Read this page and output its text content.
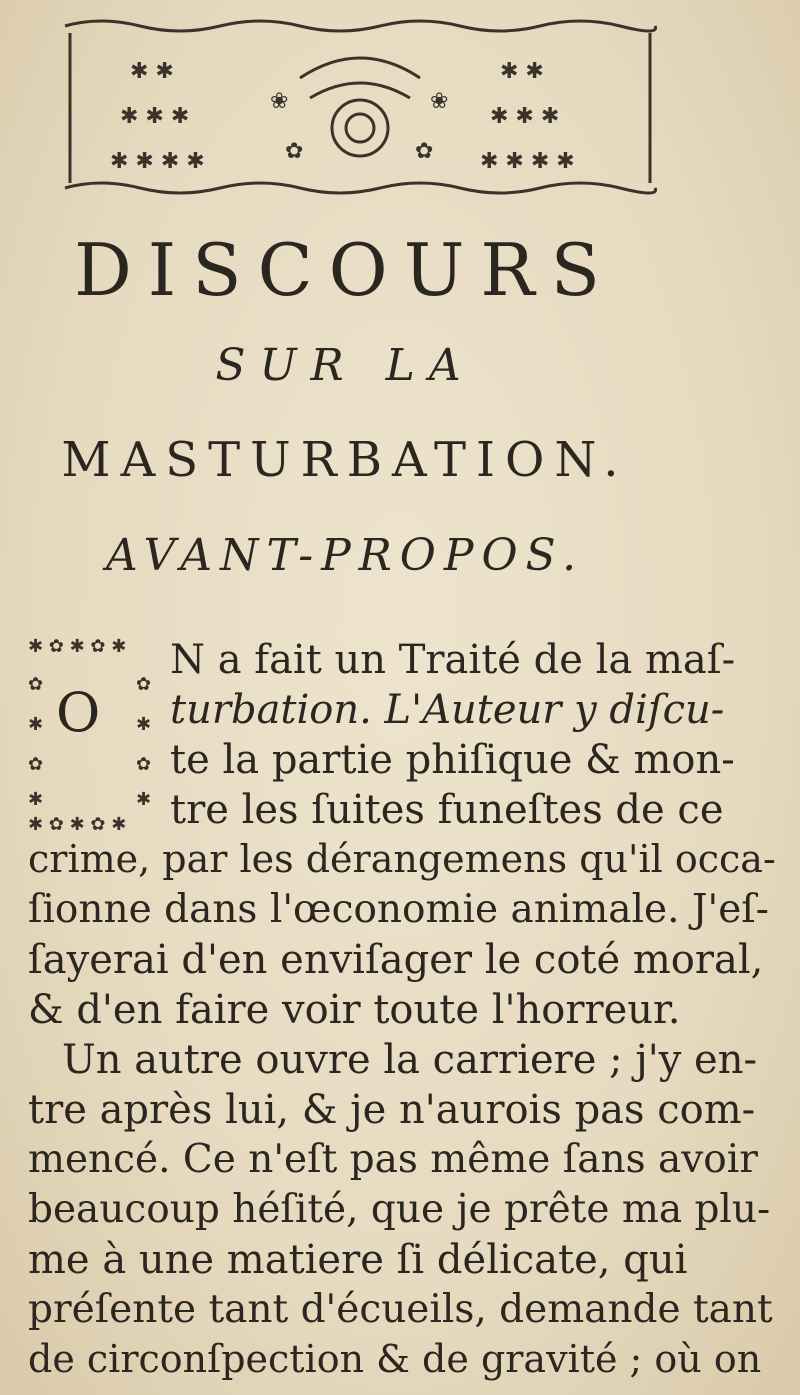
✱ ✱
✱ ✱ ✱
✱ ✱ ✱ ✱
✱ ✱
✱ ✱ ✱
✱ ✱ ✱ ✱
❀	❀
✿	✿
DISCOURS
SUR LA
MASTURBATION.
AVANT-PROPOS.
✱ ✿ ✱ ✿ ✱
✱ ✿ ✱ ✿ ✱
✿
✱
✿
✱
✿
✱
✿
✱
O
N a fait un Traité de la maſ-
turbation. L'Auteur y diſcu-
te la partie phiſique & mon-
tre les ſuites funeſtes de ce
crime, par les dérangemens qu'il occa-
ſionne dans l'œconomie animale. J'eſ-
ſayerai d'en enviſager le coté moral,
& d'en faire voir toute l'horreur.
Un autre ouvre la carriere ; j'y en-
tre après lui, & je n'aurois pas com-
mencé. Ce n'eſt pas même ſans avoir
beaucoup héſité, que je prête ma plu-
me à une matiere ſi délicate, qui
préſente tant d'écueils, demande tant
de circonſpection & de gravité ; où on
